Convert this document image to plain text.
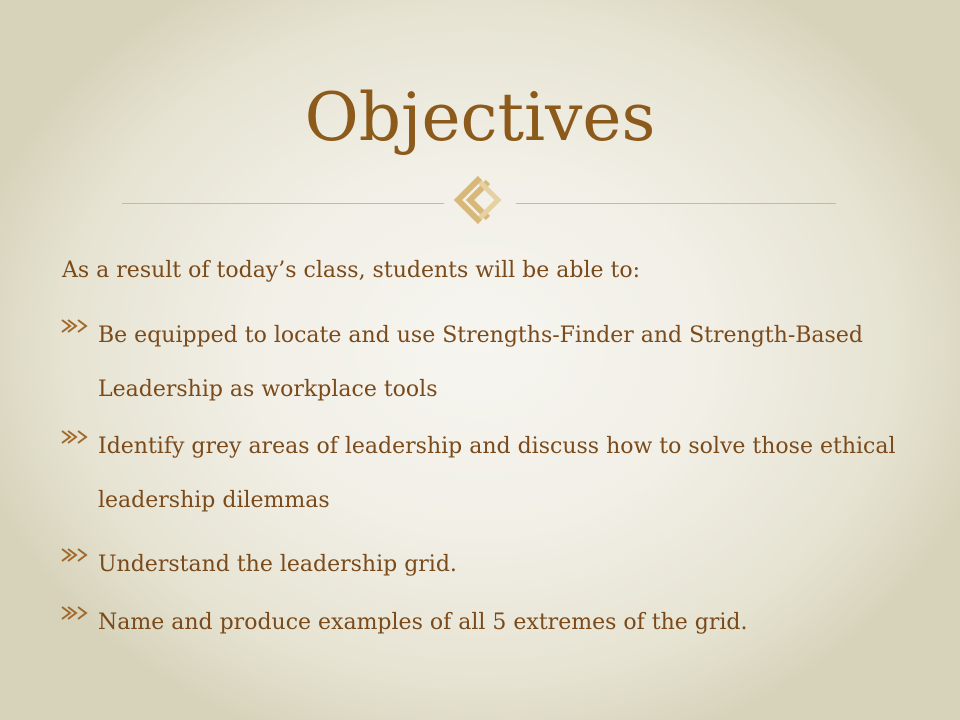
Objectives
As a result of today’s class, students will be able to:
Be equipped to locate and use Strengths-Finder and Strength-Based Leadership as workplace tools
Identify grey areas of leadership and discuss how to solve those ethical leadership dilemmas
Understand the leadership grid.
Name and produce examples of all 5 extremes of the grid.
